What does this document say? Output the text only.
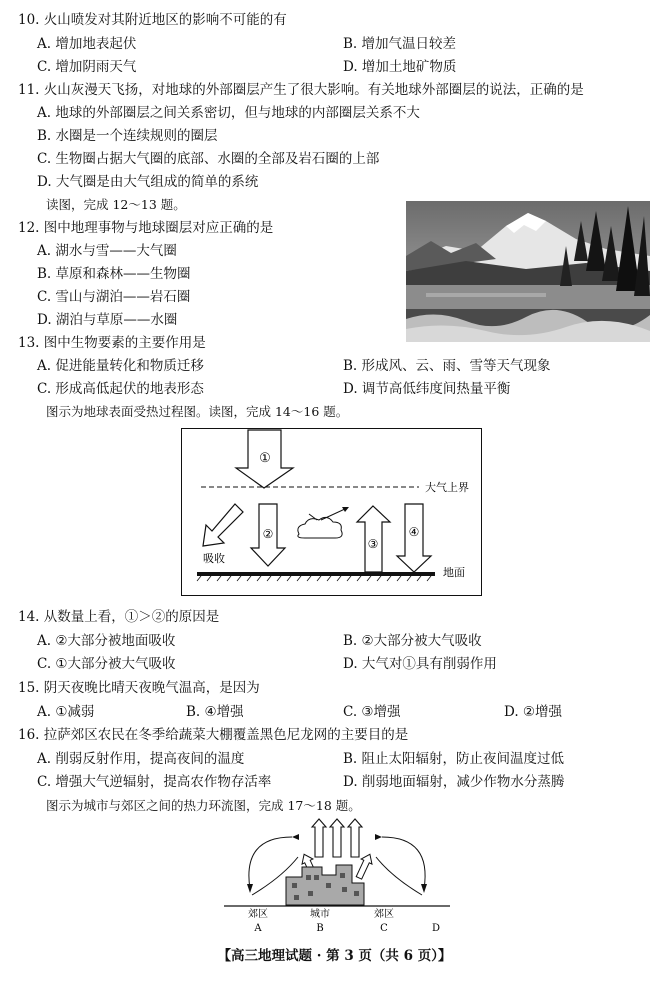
10. 火山喷发对其附近地区的影响不可能的有
A. 增加地表起伏	B. 增加气温日较差
C. 增加阴雨天气	D. 增加土地矿物质
11. 火山灰漫天飞扬，对地球的外部圈层产生了很大影响。有关地球外部圈层的说法，正确的是
A. 地球的外部圈层之间关系密切，但与地球的内部圈层关系不大
B. 水圈是一个连续规则的圈层
C. 生物圈占据大气圈的底部、水圈的全部及岩石圈的上部
D. 大气圈是由大气组成的简单的系统
读图，完成 12～13 题。
12. 图中地理事物与地球圈层对应正确的是
A. 湖水与雪——大气圈
B. 草原和森林——生物圈
C. 雪山与湖泊——岩石圈
D. 湖泊与草原——水圈
13. 图中生物要素的主要作用是
A. 促进能量转化和物质迁移	B. 形成风、云、雨、雪等天气现象
C. 形成高低起伏的地表形态	D. 调节高低纬度间热量平衡
图示为地球表面受热过程图。读图，完成 14～16 题。
①
大气上界
吸收
②
③
④
地面
14. 从数量上看，①＞②的原因是
A. ②大部分被地面吸收	B. ②大部分被大气吸收
C. ①大部分被大气吸收	D. 大气对①具有削弱作用
15. 阴天夜晚比晴天夜晚气温高，是因为
A. ①减弱	B. ④增强	C. ③增强	D. ②增强
16. 拉萨郊区农民在冬季给蔬菜大棚覆盖黑色尼龙网的主要目的是
A. 削弱反射作用，提高夜间的温度	B. 阻止太阳辐射，防止夜间温度过低
C. 增强大气逆辐射，提高农作物存活率	D. 削弱地面辐射，减少作物水分蒸腾
图示为城市与郊区之间的热力环流图，完成 17～18 题。
郊区	城市	郊区
A	B	C	D
【高三地理试题 · 第 3 页（共 6 页）】
